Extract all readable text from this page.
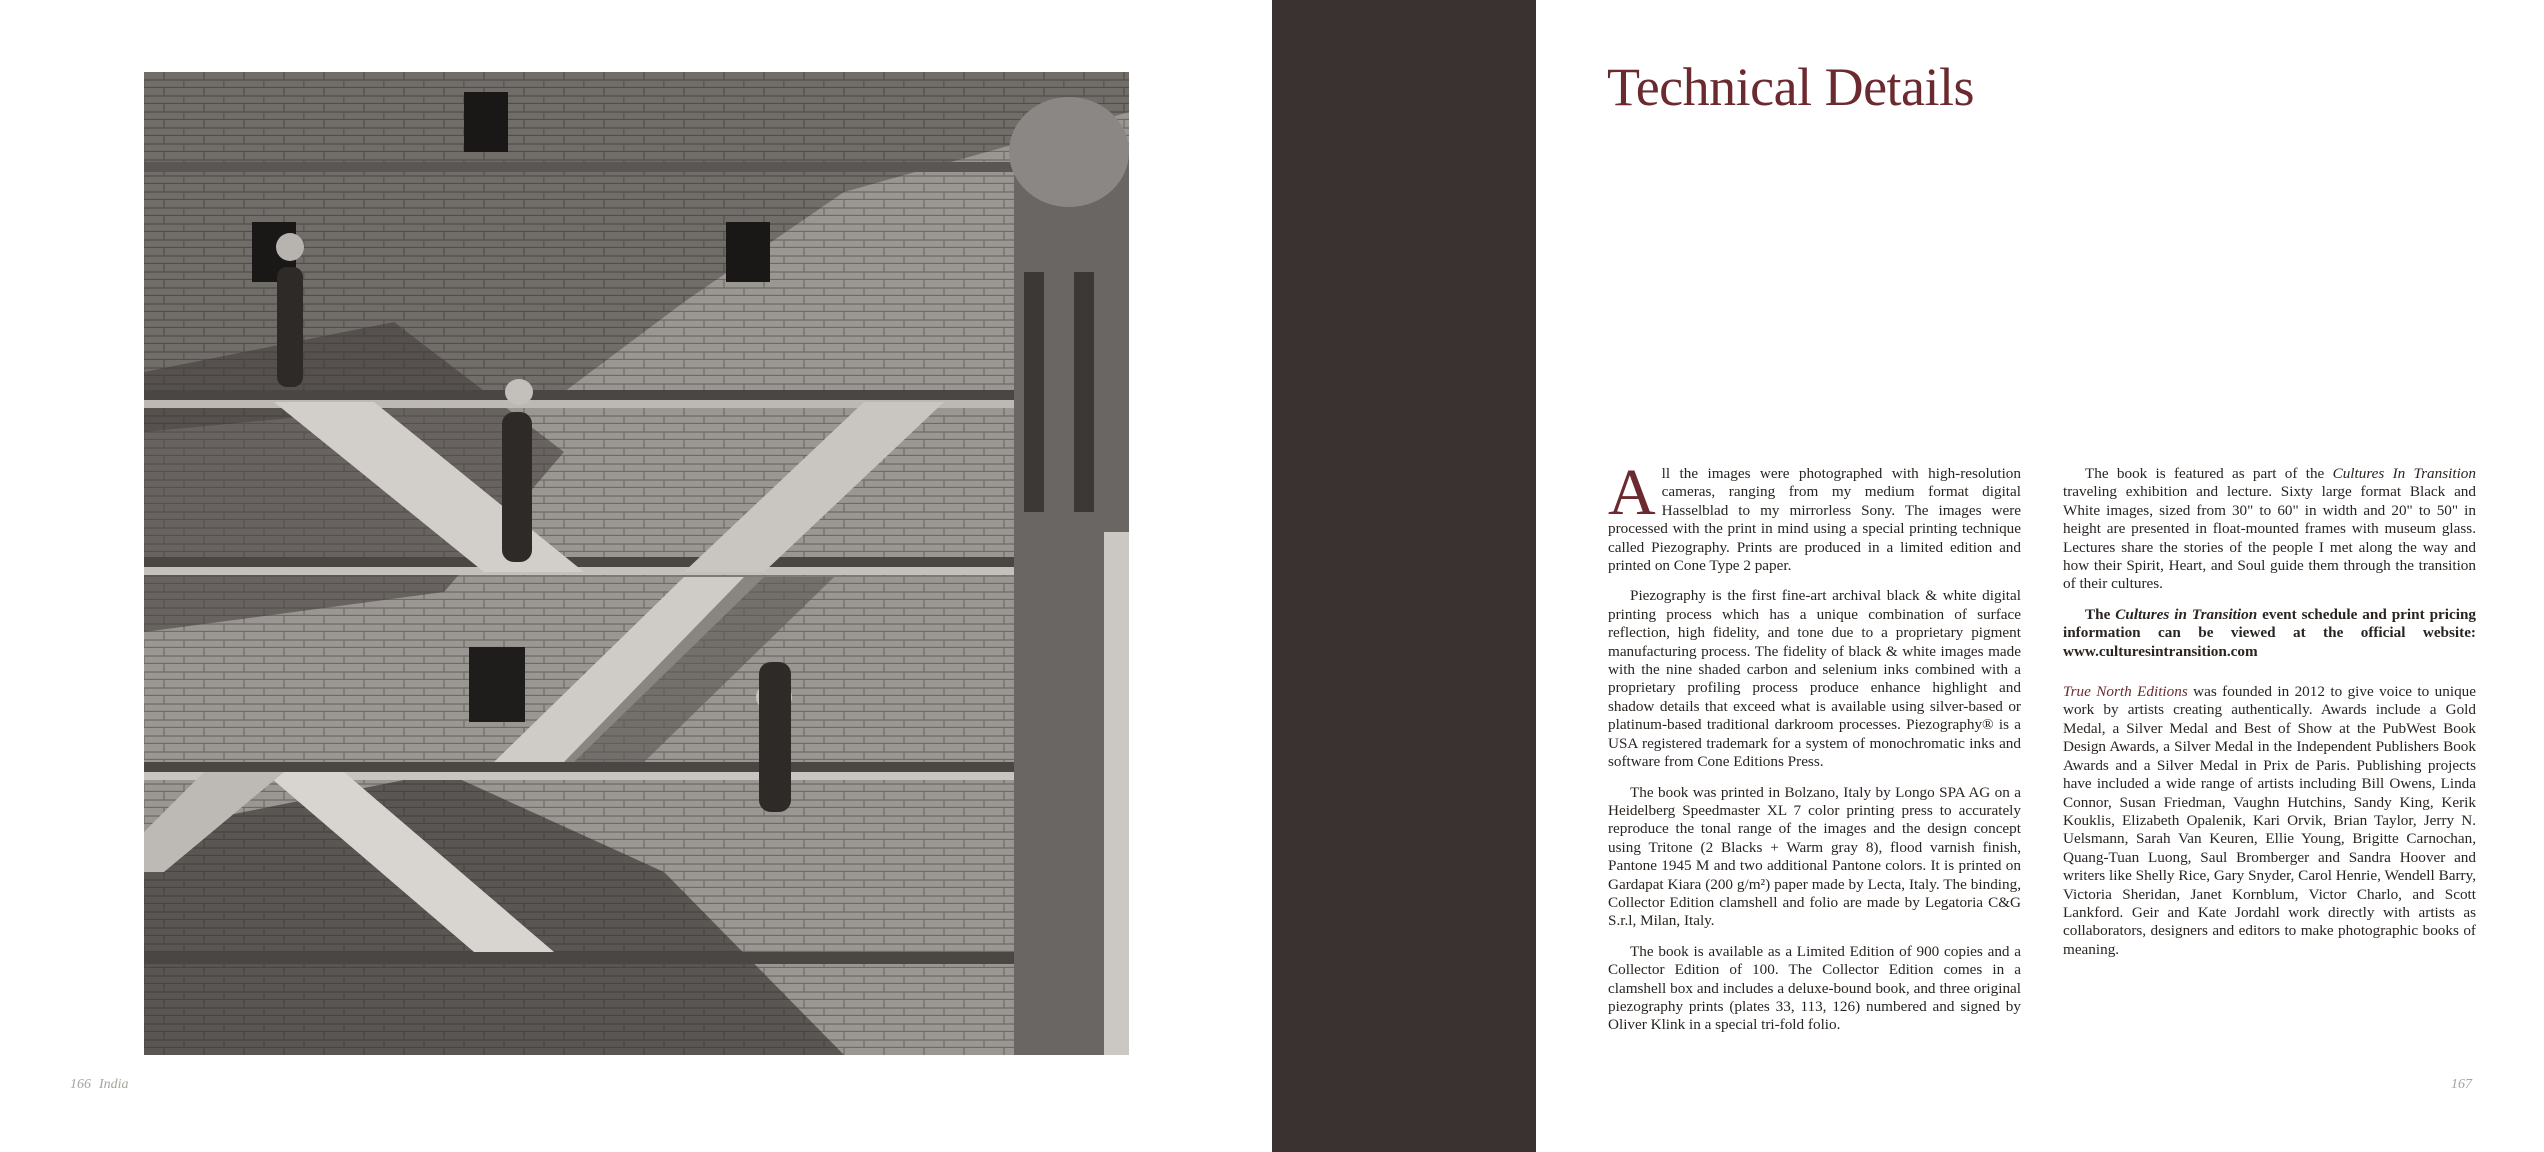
166 India
Technical Details

All the images were photographed with high-resolution cameras, ranging from my medium format digital Hasselblad to my mirrorless Sony. The images were processed with the print in mind using a special printing technique called Piezography. Prints are produced in a limited edition and printed on Cone Type 2 paper.

Piezography is the first fine-art archival black & white digital printing process which has a unique combination of surface reflection, high fidelity, and tone due to a proprietary pigment manufacturing process. The fidelity of black & white images made with the nine shaded carbon and selenium inks combined with a proprietary profiling process produce enhance highlight and shadow details that exceed what is available using silver-based or platinum-based traditional darkroom processes. Piezography® is a USA registered trademark for a system of monochromatic inks and software from Cone Editions Press.

The book was printed in Bolzano, Italy by Longo SPA AG on a Heidelberg Speedmaster XL 7 color printing press to accurately reproduce the tonal range of the images and the design concept using Tritone (2 Blacks + Warm gray 8), flood varnish finish, Pantone 1945 M and two additional Pantone colors. It is printed on Gardapat Kiara (200 g/m²) paper made by Lecta, Italy. The binding, Collector Edition clamshell and folio are made by Legatoria C&G S.r.l, Milan, Italy.

The book is available as a Limited Edition of 900 copies and a Collector Edition of 100. The Collector Edition comes in a clamshell box and includes a deluxe-bound book, and three original piezography prints (plates 33, 113, 126) numbered and signed by Oliver Klink in a special tri-fold folio.

The book is featured as part of the Cultures In Transition traveling exhibition and lecture. Sixty large format Black and White images, sized from 30" to 60" in width and 20" to 50" in height are presented in float-mounted frames with museum glass. Lectures share the stories of the people I met along the way and how their Spirit, Heart, and Soul guide them through the transition of their cultures.

The Cultures in Transition event schedule and print pricing information can be viewed at the official website: www.culturesintransition.com

True North Editions was founded in 2012 to give voice to unique work by artists creating authentically. Awards include a Gold Medal, a Silver Medal and Best of Show at the PubWest Book Design Awards, a Silver Medal in the Independent Publishers Book Awards and a Silver Medal in Prix de Paris. Publishing projects have included a wide range of artists including Bill Owens, Linda Connor, Susan Friedman, Vaughn Hutchins, Sandy King, Kerik Kouklis, Elizabeth Opalenik, Kari Orvik, Brian Taylor, Jerry N. Uelsmann, Sarah Van Keuren, Ellie Young, Brigitte Carnochan, Quang-Tuan Luong, Saul Bromberger and Sandra Hoover and writers like Shelly Rice, Gary Snyder, Carol Henrie, Wendell Barry, Victoria Sheridan, Janet Kornblum, Victor Charlo, and Scott Lankford. Geir and Kate Jordahl work directly with artists as collaborators, designers and editors to make photographic books of meaning.

167
